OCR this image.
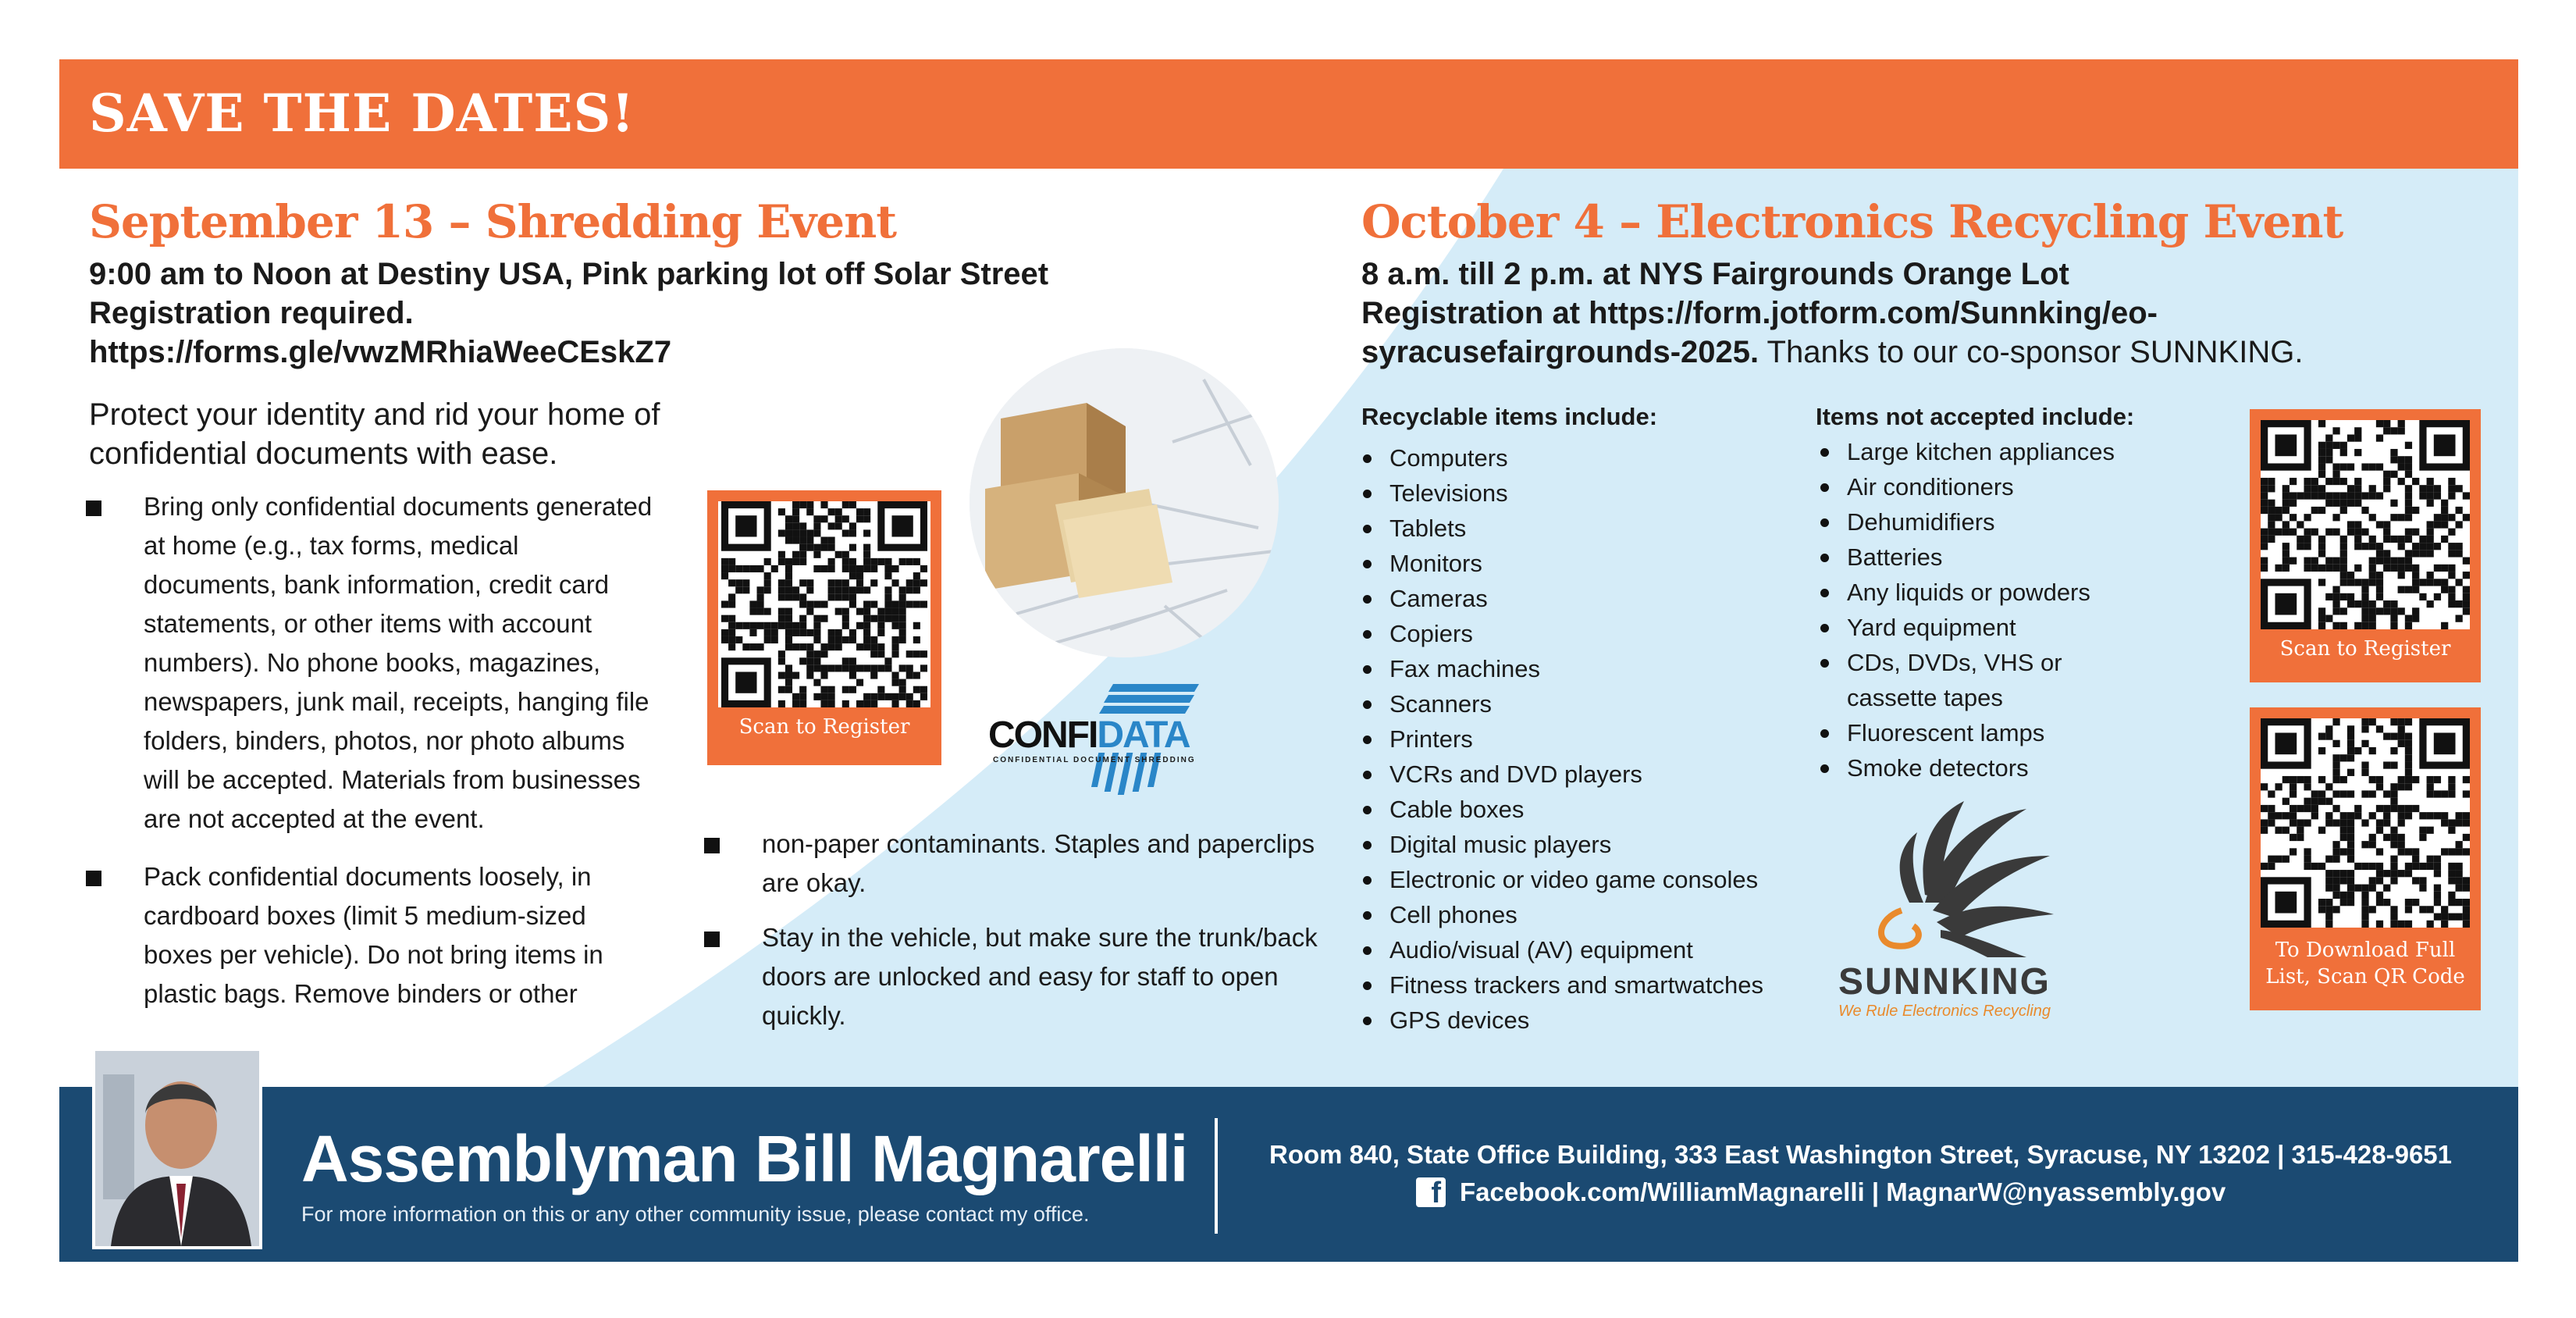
SAVE THE DATES!
September 13 – Shredding Event
9:00 am to Noon at Destiny USA, Pink parking lot off Solar Street
Registration required.
https://forms.gle/vwzMRhiaWeeCEskZ7
Protect your identity and rid your home of confidential documents with ease.
Bring only confidential documents generated at home (e.g., tax forms, medical documents, bank information, credit card statements, or other items with account numbers). No phone books, magazines, newspapers, junk mail, receipts, hanging file folders, binders, photos, nor photo albums will be accepted. Materials from businesses are not accepted at the event.
Pack confidential documents loosely, in cardboard boxes (limit 5 medium-sized boxes per vehicle). Do not bring items in plastic bags. Remove binders or other
non-paper contaminants. Staples and paperclips are okay.
Stay in the vehicle, but make sure the trunk/back doors are unlocked and easy for staff to open quickly.
Scan to Register	CONFIDATA
CONFIDENTIAL DOCUMENT SHREDDING
October 4 – Electronics Recycling Event
8 a.m. till 2 p.m. at NYS Fairgrounds Orange Lot
Registration at https://form.jotform.com/Sunnking/eo-
syracusefairgrounds-2025. Thanks to our co-sponsor SUNNKING.
Recyclable items include:
Computers
Televisions
Tablets
Monitors
Cameras
Copiers
Fax machines
Scanners
Printers
VCRs and DVD players
Cable boxes
Digital music players
Electronic or video game consoles
Cell phones
Audio/visual (AV) equipment
Fitness trackers and smartwatches
GPS devices
Items not accepted include:
Large kitchen appliances
Air conditioners
Dehumidifiers
Batteries
Any liquids or powders
Yard equipment
CDs, DVDs, VHS or
cassette tapes
Fluorescent lamps
Smoke detectors
SUNNKING
We Rule Electronics Recycling
Scan to Register
To Download Full
List, Scan QR Code
Assemblyman Bill Magnarelli
For more information on this or any other community issue, please contact my office.
Room 840, State Office Building, 333 East Washington Street, Syracuse, NY 13202 | 315-428-9651
f Facebook.com/WilliamMagnarelli | MagnarW@nyassembly.gov
